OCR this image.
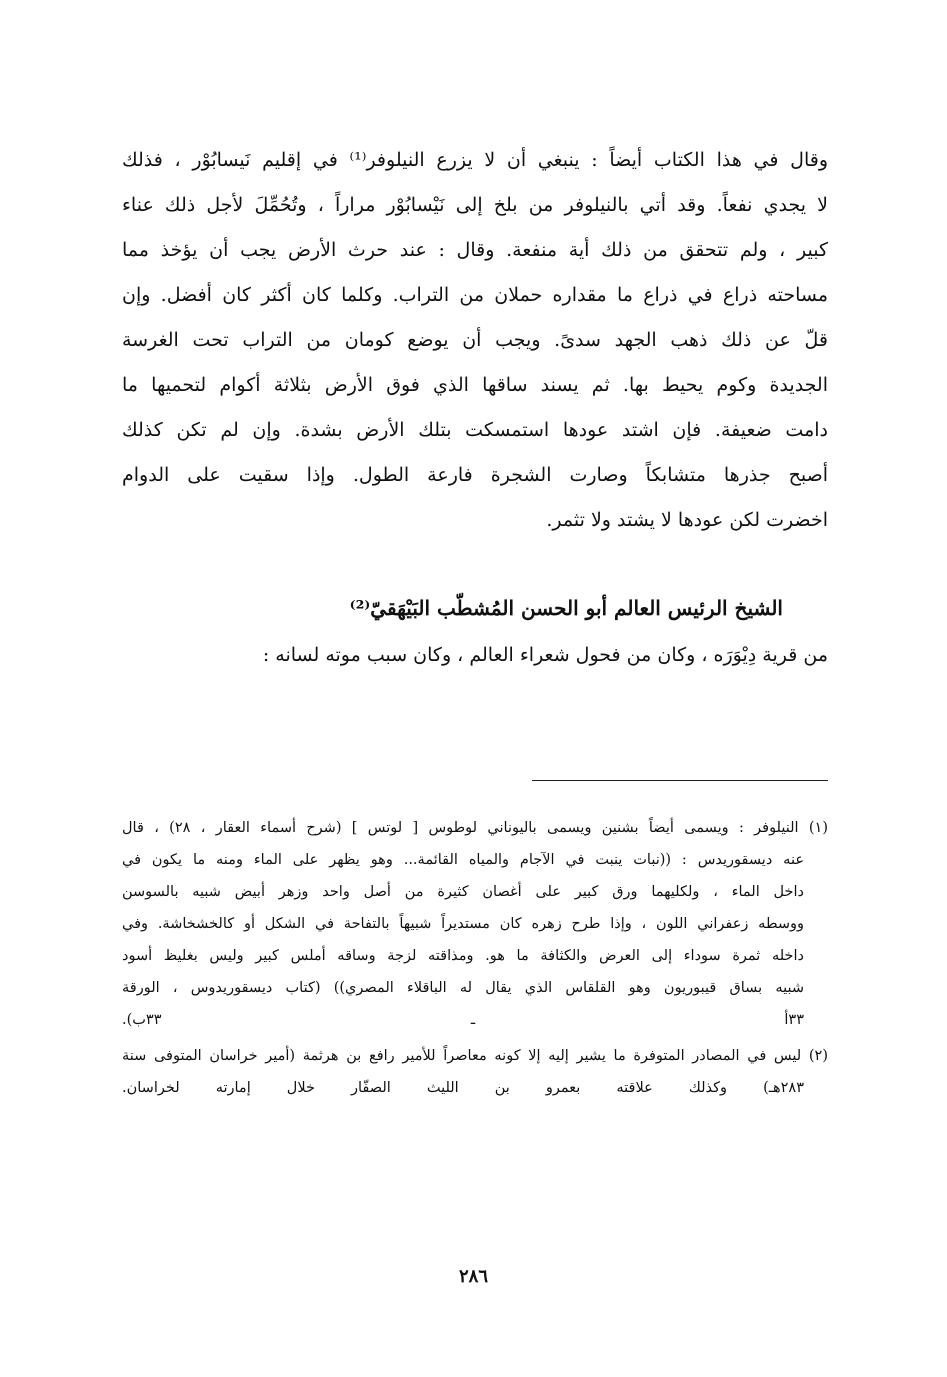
وقال في هذا الكتاب أيضاً : ينبغي أن لا يزرع النيلوفر⁽¹⁾ في إقليم نَيسابُوْر ، فذلك
لا يجدي نفعاً. وقد أتي بالنيلوفر من بلخ إلى نَيْسابُوْر مراراً ، وتُحُمِّلَ لأجل ذلك عناء
كبير ، ولم تتحقق من ذلك أية منفعة. وقال : عند حرث الأرض يجب أن يؤخذ مما
مساحته ذراع في ذراع ما مقداره حملان من التراب. وكلما كان أكثر كان أفضل. وإن
قلّ عن ذلك ذهب الجهد سدىً. ويجب أن يوضع كومان من التراب تحت الغرسة
الجديدة وكوم يحيط بها. ثم يسند ساقها الذي فوق الأرض بثلاثة أكوام لتحميها ما
دامت ضعيفة. فإن اشتد عودها استمسكت بتلك الأرض بشدة. وإن لم تكن كذلك
أصبح جذرها متشابكاً وصارت الشجرة فارعة الطول. وإذا سقيت على الدوام
اخضرت لكن عودها لا يشتد ولا تثمر.
الشيخ الرئيس العالم أبو الحسن المُشطّب البَيْهَقيّ⁽²⁾
من قرية دِيْوَرَه ، وكان من فحول شعراء العالم ، وكان سبب موته لسانه :
(١) النيلوفر : ويسمى أيضاً بشنين ويسمى باليوناني لوطوس [ لوتس ] (شرح أسماء العقار ، ٢٨) ، قال
عنه ديسقوريدس : ((نبات ينبت في الآجام والمياه القائمة... وهو يظهر على الماء ومنه ما يكون في
داخل الماء ، ولكليهما ورق كبير على أغصان كثيرة من أصل واحد وزهر أبيض شبيه بالسوسن
ووسطه زعفراني اللون ، وإذا طرح زهره كان مستديراً شبيهاً بالتفاحة في الشكل أو كالخشخاشة. وفي
داخله ثمرة سوداء إلى العرض والكثافة ما هو. ومذاقته لزجة وساقه أملس كبير وليس بغليظ أسود
شبيه بساق قيبوريون وهو القلقاس الذي يقال له الباقلاء المصري)) (كتاب ديسقوريدوس ، الورقة
٣٣أ ـ ٣٣ب).
(٢) ليس في المصادر المتوفرة ما يشير إليه إلا كونه معاصراً للأمير رافع بن هرثمة (أمير خراسان المتوفى سنة
٢٨٣هـ) وكذلك علاقته بعمرو بن الليث الصفّار خلال إمارته لخراسان.
٢٨٦
